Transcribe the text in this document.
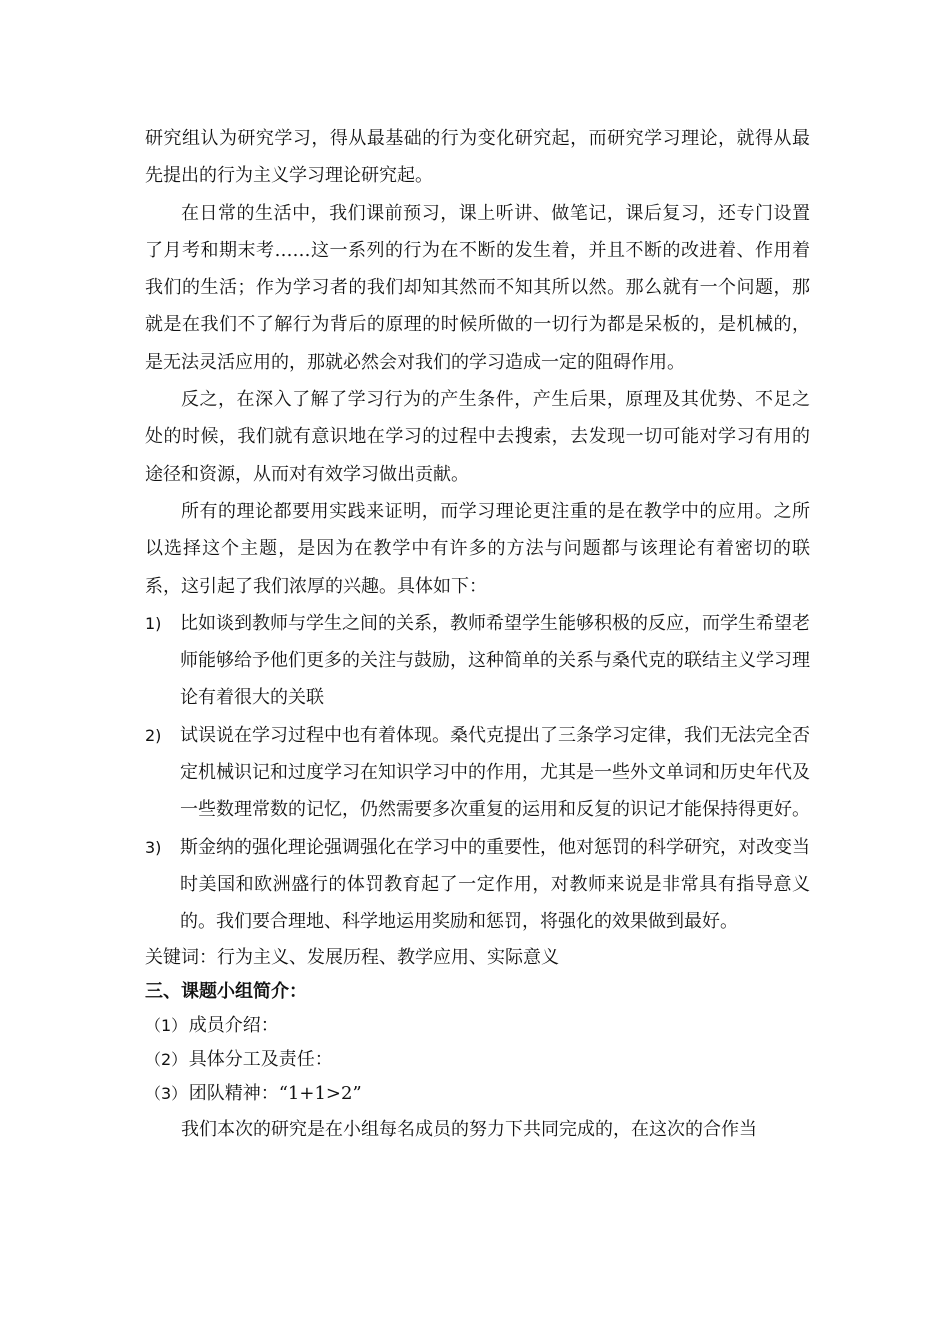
研究组认为研究学习，得从最基础的行为变化研究起，而研究学习理论，就得从最先提出的行为主义学习理论研究起。

在日常的生活中，我们课前预习，课上听讲、做笔记，课后复习，还专门设置了月考和期末考……这一系列的行为在不断的发生着，并且不断的改进着、作用着我们的生活；作为学习者的我们却知其然而不知其所以然。那么就有一个问题，那就是在我们不了解行为背后的原理的时候所做的一切行为都是呆板的，是机械的，是无法灵活应用的，那就必然会对我们的学习造成一定的阻碍作用。

反之，在深入了解了学习行为的产生条件，产生后果，原理及其优势、不足之处的时候，我们就有意识地在学习的过程中去搜索，去发现一切可能对学习有用的途径和资源，从而对有效学习做出贡献。

所有的理论都要用实践来证明，而学习理论更注重的是在教学中的应用。之所以选择这个主题，是因为在教学中有许多的方法与问题都与该理论有着密切的联系，这引起了我们浓厚的兴趣。具体如下：

1) 比如谈到教师与学生之间的关系，教师希望学生能够积极的反应，而学生希望老师能够给予他们更多的关注与鼓励，这种简单的关系与桑代克的联结主义学习理论有着很大的关联
2) 试误说在学习过程中也有着体现。桑代克提出了三条学习定律，我们无法完全否定机械识记和过度学习在知识学习中的作用，尤其是一些外文单词和历史年代及一些数理常数的记忆，仍然需要多次重复的运用和反复的识记才能保持得更好。
3) 斯金纳的强化理论强调强化在学习中的重要性，他对惩罚的科学研究，对改变当时美国和欧洲盛行的体罚教育起了一定作用，对教师来说是非常具有指导意义的。我们要合理地、科学地运用奖励和惩罚，将强化的效果做到最好。
关键词：行为主义、发展历程、教学应用、实际意义
三、课题小组简介：
（1） 成员介绍：
（2） 具体分工及责任：
（3） 团队精神：“1+1>2”

我们本次的研究是在小组每名成员的努力下共同完成的，在这次的合作当
